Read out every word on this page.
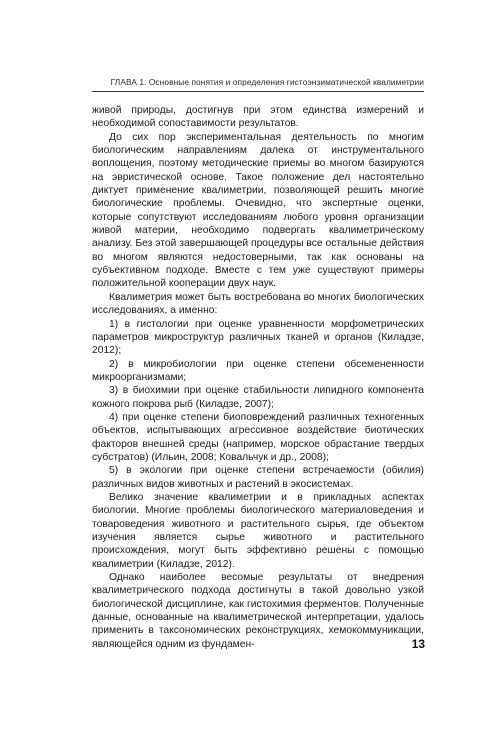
ГЛАВА 1. Основные понятия и определения гистоэнзиматической квалиметрии

живой природы, достигнув при этом единства измерений и необходимой сопоставимости результатов.

До сих пор экспериментальная деятельность по многим биологическим направлениям далека от инструментального воплощения, поэтому методические приемы во многом базируются на эвристической основе. Такое положение дел настоятельно диктует применение квалиметрии, позволяющей решить многие биологические проблемы. Очевидно, что экспертные оценки, которые сопутствуют исследованиям любого уровня организации живой материи, необходимо подвергать квалиметрическому анализу. Без этой завершающей процедуры все остальные действия во многом являются недостоверными, так как основаны на субъективном подходе. Вместе с тем уже существуют примеры положительной кооперации двух наук.

Квалиметрия может быть востребована во многих биологических исследованиях, а именно:

1) в гистологии при оценке уравненности морфометрических параметров микроструктур различных тканей и органов (Киладзе, 2012);

2) в микробиологии при оценке степени обсемененности микроорганизмами;

3) в биохимии при оценке стабильности липидного компонента кожного покрова рыб (Киладзе, 2007);

4) при оценке степени биоповреждений различных техногенных объектов, испытывающих агрессивное воздействие биотических факторов внешней среды (например, морское обрастание твердых субстратов) (Ильин, 2008; Ковальчук и др., 2008);

5) в экологии при оценке степени встречаемости (обилия) различных видов животных и растений в экосистемах.

Велико значение квалиметрии и в прикладных аспектах биологии. Многие проблемы биологического материаловедения и товароведения животного и растительного сырья, где объектом изучения является сырье животного и растительного происхождения, могут быть эффективно решены с помощью квалиметрии (Киладзе, 2012).

Однако наиболее весомые результаты от внедрения квалиметрического подхода достигнуты в такой довольно узкой биологической дисциплине, как гистохимия ферментов. Полученные данные, основанные на квалиметрической интерпретации, удалось применить в таксономических реконструкциях, хемокоммуникации, являющейся одним из фундамен-	13
